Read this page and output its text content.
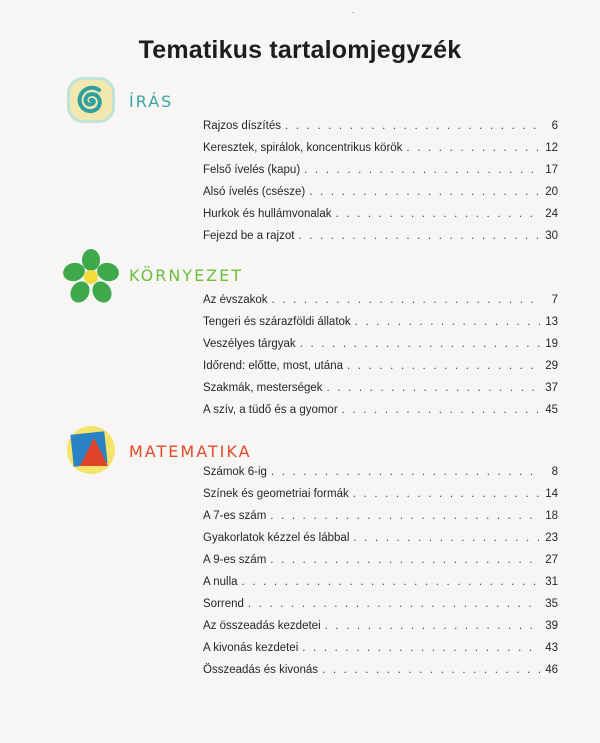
Tematikus tartalomjegyzék
ÍRÁS
Rajzos díszítés . . .	6
Keresztek, spirálok, koncentrikus körök . . .	12
Felső ívelés (kapu) . . .	17
Alsó ívelés (csésze) . . .	20
Hurkok és hullámvonalak . . .	24
Fejezd be a rajzot . . .	30
KÖRNYEZET
Az évszakok . . .	7
Tengeri és szárazföldi állatok . . .	13
Veszélyes tárgyak . . .	19
Időrend: előtte, most, utána . . .	29
Szakmák, mesterségek . . .	37
A szív, a tüdő és a gyomor . . .	45
MATEMATIKA
Számok 6-ig . . .	8
Színek és geometriai formák . . .	14
A 7-es szám . . .	18
Gyakorlatok kézzel és lábbal . . .	23
A 9-es szám . . .	27
A nulla . . .	31
Sorrend . . .	35
Az összeadás kezdetei . . .	39
A kivonás kezdetei . . .	43
Összeadás és kivonás . . .	46
